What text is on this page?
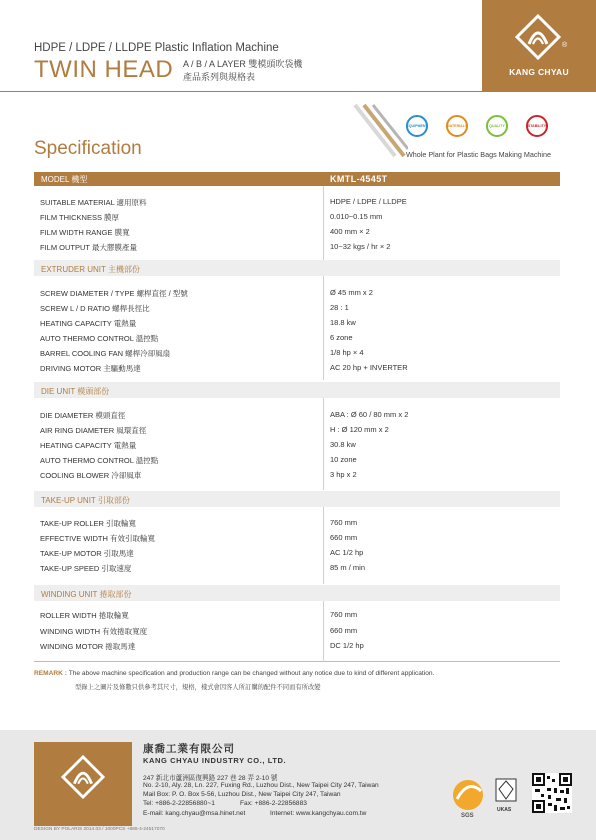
®
KANG CHYAU
HDPE / LDPE / LLDPE Plastic Inflation Machine
TWIN HEAD A / B / A LAYER 雙模頭吹袋機
產品系列與規格表
Specification
EQUIPMENT	MATERIALS	QUALITY	STABILITY
Whole Plant for Plastic Bags Making Machine
MODEL 機型	KMTL-4545T
SUITABLE MATERIAL 適用原料	HDPE / LDPE / LLDPE
FILM THICKNESS 膜厚	0.010~0.15 mm
FILM WIDTH RANGE 膜寬	400 mm × 2
FILM OUTPUT 最大膠膜產量	10~32 kgs / hr × 2
EXTRUDER UNIT 主機部份
SCREW DIAMETER / TYPE 螺桿直徑 / 型號	Ø 45 mm x 2
SCREW L / D RATIO 螺桿長徑比	28 : 1
HEATING CAPACITY 電熱量	18.8 kw
AUTO THERMO CONTROL 溫控點	6 zone
BARREL COOLING FAN 螺桿冷卻風扇	1/8 hp × 4
DRIVING MOTOR 主驅動馬達	AC 20 hp + INVERTER
DIE UNIT 模頭部份
DIE DIAMETER 模頭直徑	ABA : Ø 60 / 80 mm x 2
AIR RING DIAMETER 風環直徑	H : Ø 120 mm x 2
HEATING CAPACITY 電熱量	30.8 kw
AUTO THERMO CONTROL 溫控點	10 zone
COOLING BLOWER 冷卻風車	3 hp x 2
TAKE-UP UNIT 引取部份
TAKE-UP ROLLER 引取輪寬	760 mm
EFFECTIVE WIDTH 有效引取輪寬	660 mm
TAKE-UP MOTOR 引取馬達	AC 1/2 hp
TAKE-UP SPEED 引取速度	85 m / min
WINDING UNIT 捲取部份
ROLLER WIDTH 捲取輪寬	760 mm
WINDING WIDTH 有效捲取寬度	660 mm
WINDING MOTOR 捲取馬達	DC 1/2 hp
REMARK : The above machine specification and production range can be changed without any notice due to kind of different application.
型錄上之圖片及條數只供參考其尺寸，規格，樣式會因客人所訂購的配件不同而有所改變
康喬工業有限公司
KANG CHYAU INDUSTRY CO., LTD.
247 新北市蘆洲區復興路 227 巷 28 弄 2-10 號
No. 2-10, Aly. 28, Ln. 227, Fuxing Rd., Luzhou Dist., New Taipei City 247, Taiwan
Mail Box: P. O. Box 5-56, Luzhou Dist., New Taipei City 247, Taiwan
Tel: +886-2-22856880~1	Fax: +886-2-22856883
E-mail: kang.chyau@msa.hinet.net	Internet: www.kangchyau.com.tw	SGS
UKAS
DESIGN BY POLARIS 2014.03 / 1000PCS +886-4-24517070
